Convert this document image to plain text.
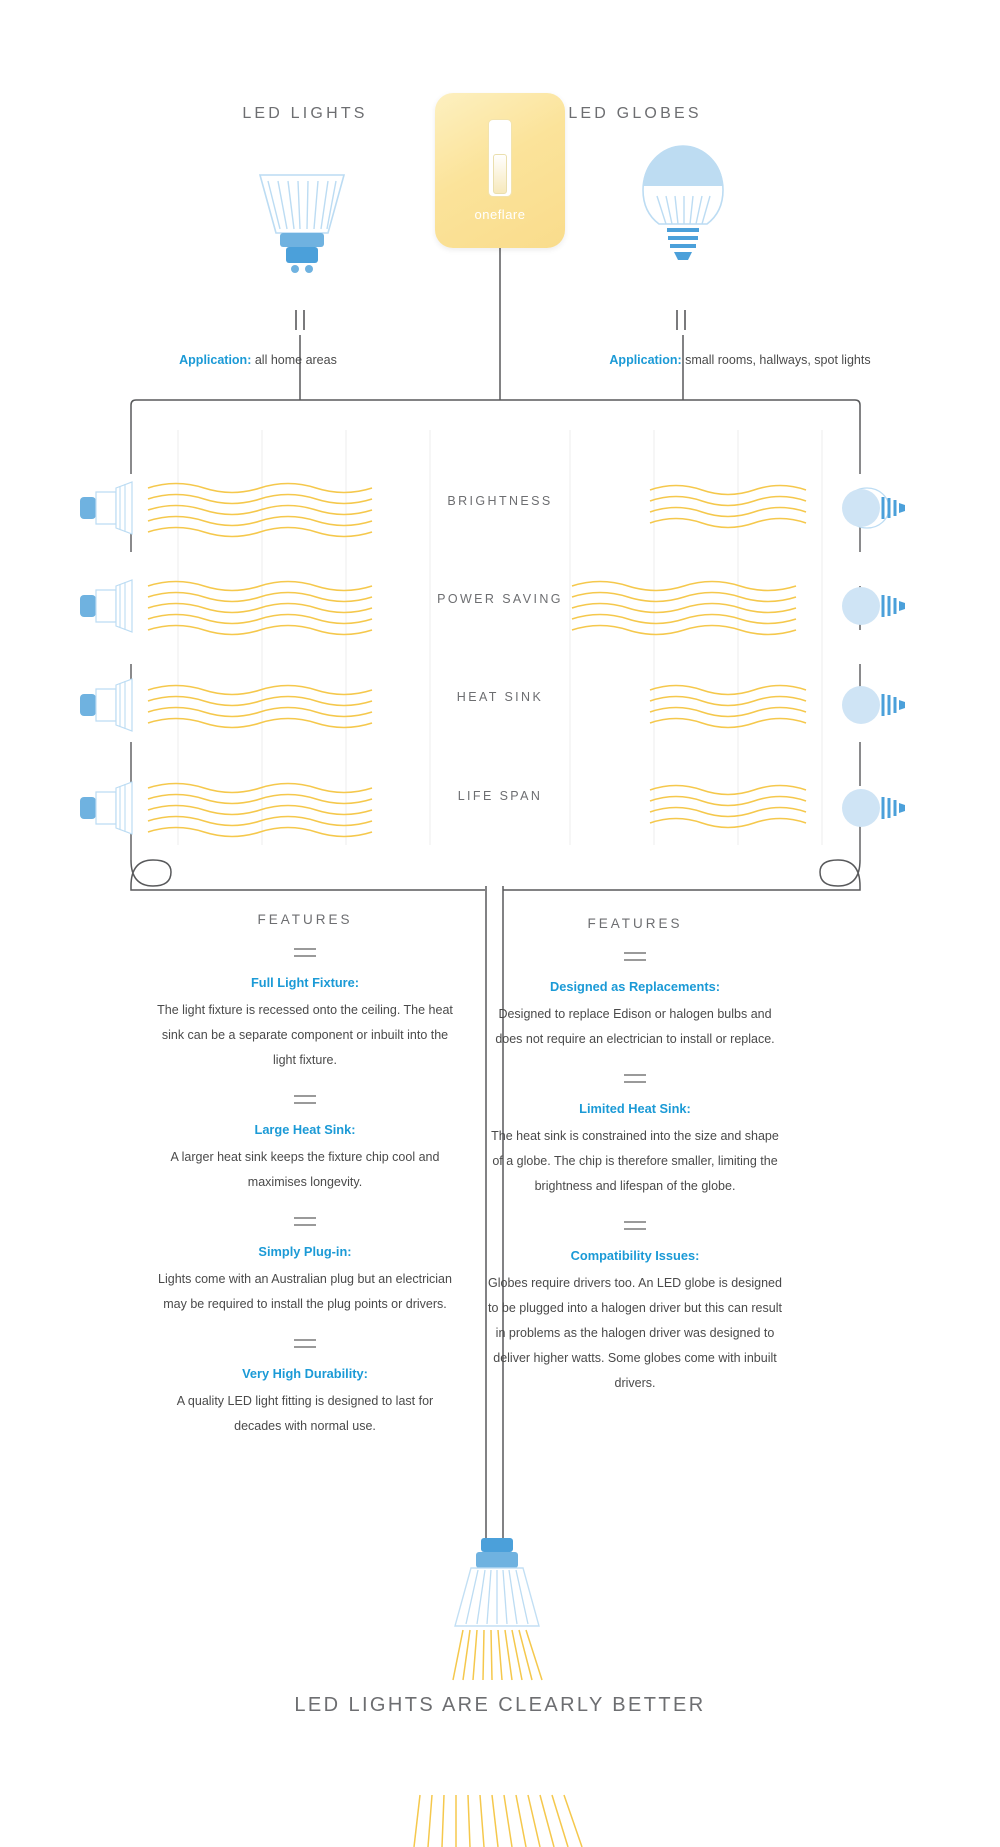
LED LIGHTS	LED GLOBES
oneflare
Application: all home areas	Application: small rooms, hallways, spot lights
BRIGHTNESS
POWER SAVING
HEAT SINK
LIFE SPAN
FEATURES	FEATURES
Full Light Fixture:
The light fixture is recessed onto the ceiling. The heat sink can be a separate component or inbuilt into the light fixture.
Large Heat Sink:
A larger heat sink keeps the fixture chip cool and maximises longevity.
Simply Plug-in:
Lights come with an Australian plug but an electrician may be required to install the plug points or drivers.
Very High Durability:
A quality LED light fitting is designed to last for decades with normal use.
Designed as Replacements:
Designed to replace Edison or halogen bulbs and does not require an electrician to install or replace.
Limited Heat Sink:
The heat sink is constrained into the size and shape of a globe. The chip is therefore smaller, limiting the brightness and lifespan of the globe.
Compatibility Issues:
Globes require drivers too. An LED globe is designed to be plugged into a halogen driver but this can result in problems as the halogen driver was designed to deliver higher watts. Some globes come with inbuilt drivers.
LED LIGHTS ARE CLEARLY BETTER
